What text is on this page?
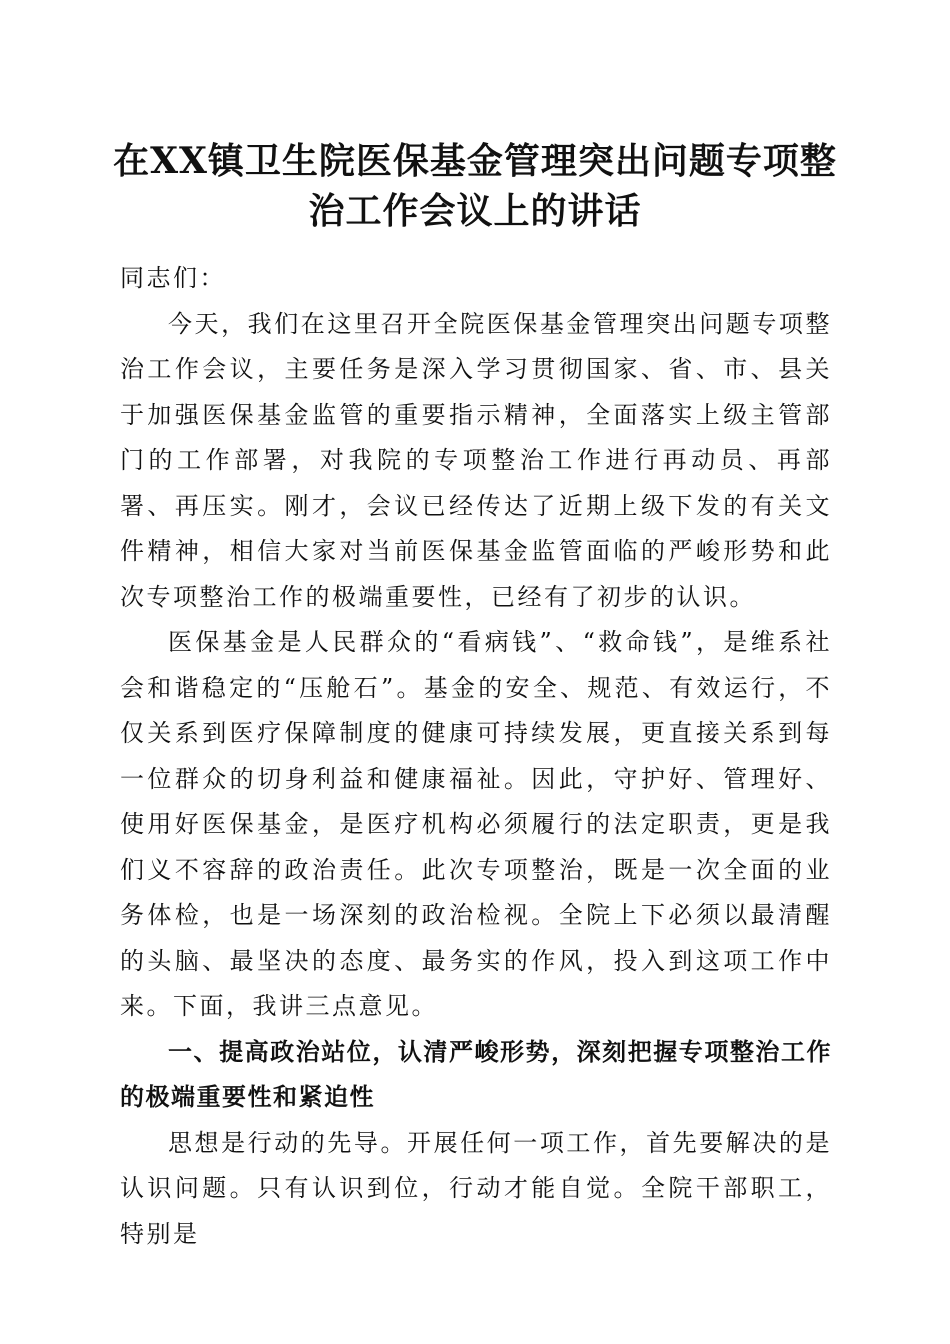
在XX镇卫生院医保基金管理突出问题专项整治工作会议上的讲话

同志们：

今天，我们在这里召开全院医保基金管理突出问题专项整治工作会议，主要任务是深入学习贯彻国家、省、市、县关于加强医保基金监管的重要指示精神，全面落实上级主管部门的工作部署，对我院的专项整治工作进行再动员、再部署、再压实。刚才，会议已经传达了近期上级下发的有关文件精神，相信大家对当前医保基金监管面临的严峻形势和此次专项整治工作的极端重要性，已经有了初步的认识。

医保基金是人民群众的“看病钱”、“救命钱”，是维系社会和谐稳定的“压舱石”。基金的安全、规范、有效运行，不仅关系到医疗保障制度的健康可持续发展，更直接关系到每一位群众的切身利益和健康福祉。因此，守护好、管理好、使用好医保基金，是医疗机构必须履行的法定职责，更是我们义不容辞的政治责任。此次专项整治，既是一次全面的业务体检，也是一场深刻的政治检视。全院上下必须以最清醒的头脑、最坚决的态度、最务实的作风，投入到这项工作中来。下面，我讲三点意见。

一、提高政治站位，认清严峻形势，深刻把握专项整治工作的极端重要性和紧迫性

思想是行动的先导。开展任何一项工作，首先要解决的是认识问题。只有认识到位，行动才能自觉。全院干部职工，特别是
